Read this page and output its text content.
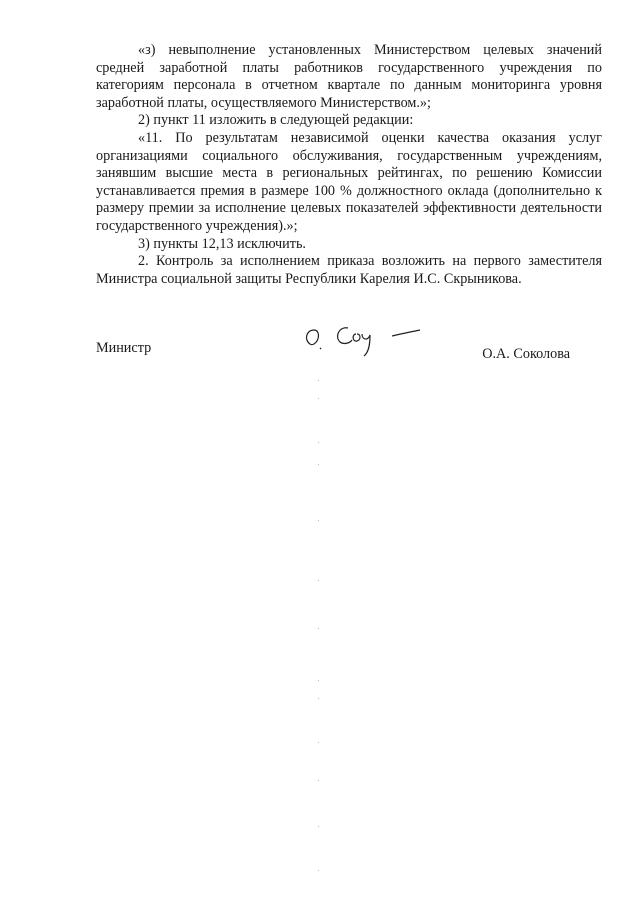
«з) невыполнение установленных Министерством целевых значений средней заработной платы работников государственного учреждения по категориям персонала в отчетном квартале по данным мониторинга уровня заработной платы, осуществляемого Министерством.»;

2) пункт 11 изложить в следующей редакции:

«11. По результатам независимой оценки качества оказания услуг организациями социального обслуживания, государственным учреждениям, занявшим высшие места в региональных рейтингах, по решению Комиссии устанавливается премия в размере 100 % должностного оклада (дополнительно к размеру премии за исполнение целевых показателей эффективности деятельности государственного учреждения).»;

3) пункты 12,13 исключить.

2. Контроль за исполнением приказа возложить на первого заместителя Министра социальной защиты Республики Карелия И.С. Скрыникова.

Министр	О.А. Соколова
